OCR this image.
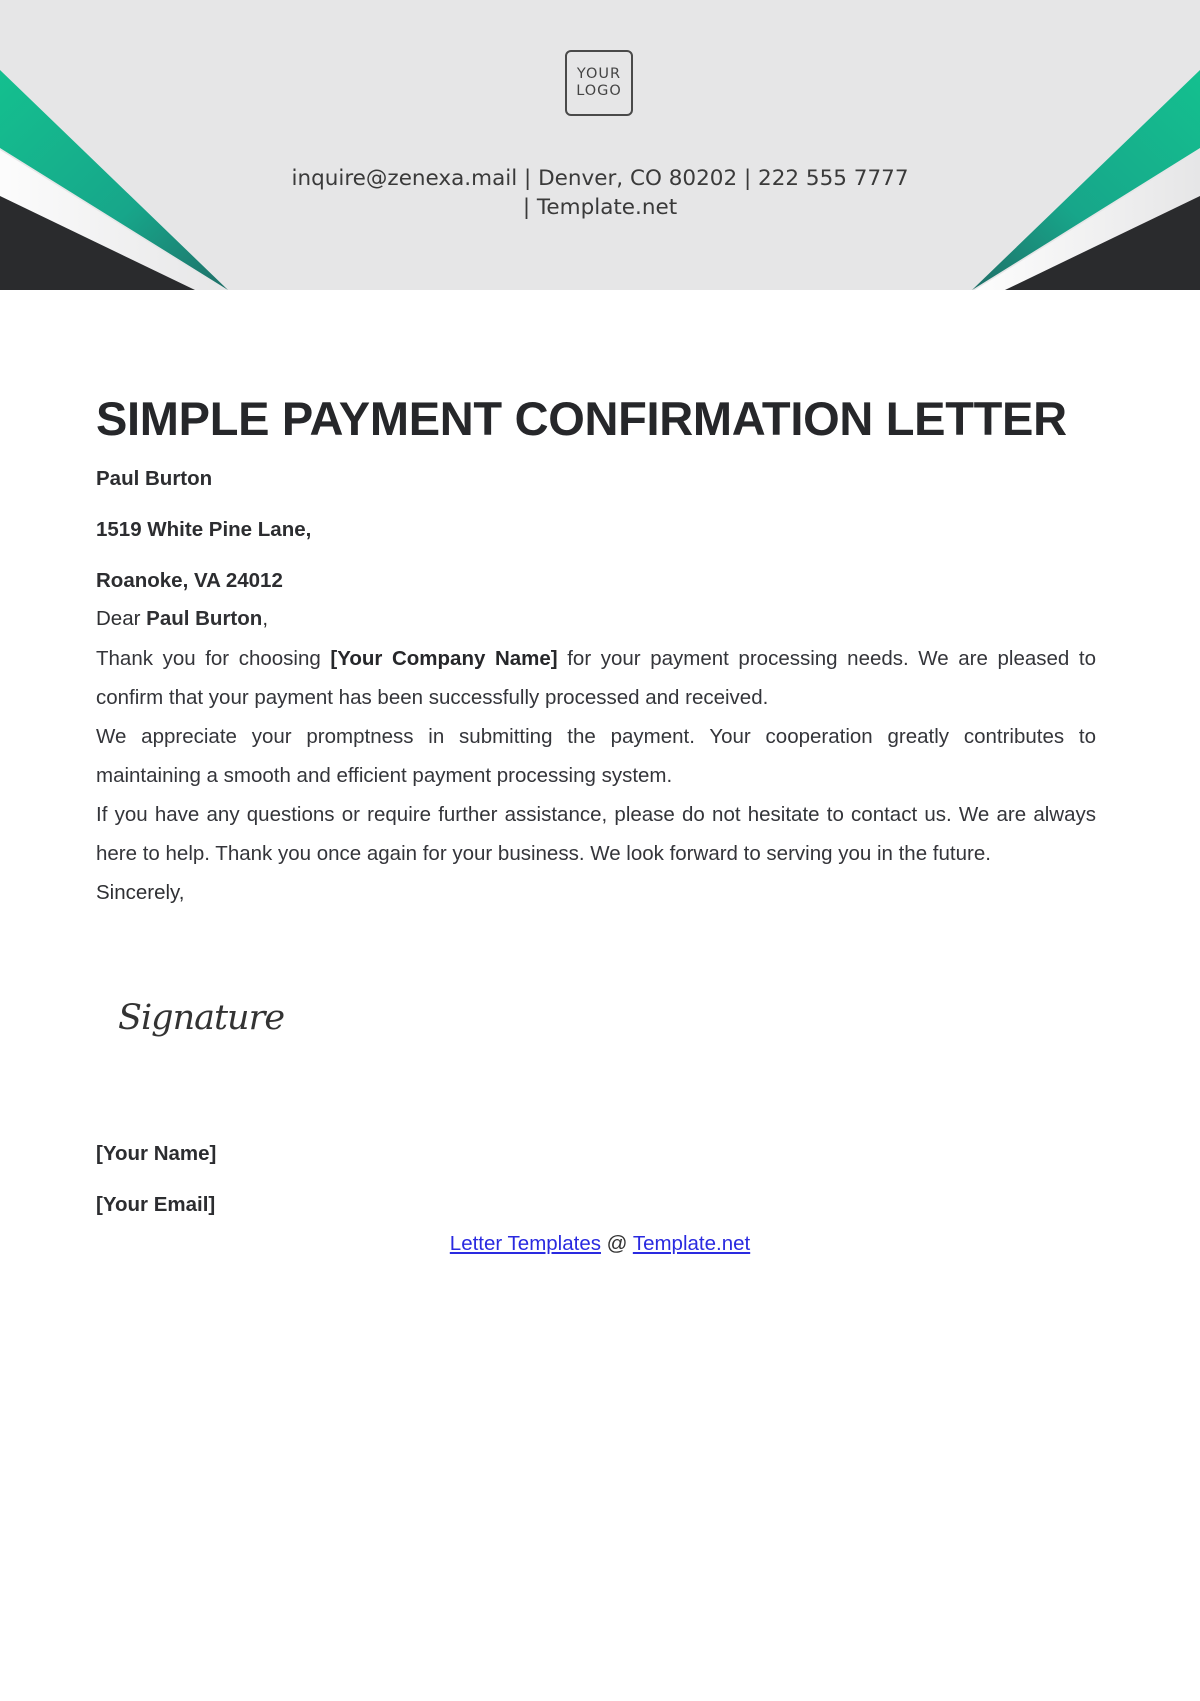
YOUR
LOGO
inquire@zenexa.mail | Denver, CO 80202 | 222 555 7777
| Template.net
SIMPLE PAYMENT CONFIRMATION LETTER
Paul Burton
1519 White Pine Lane,
Roanoke, VA 24012
Dear Paul Burton,

Thank you for choosing [Your Company Name] for your payment processing needs. We are pleased to confirm that your payment has been successfully processed and received.

We appreciate your promptness in submitting the payment. Your cooperation greatly contributes to maintaining a smooth and efficient payment processing system.

If you have any questions or require further assistance, please do not hesitate to contact us. We are always here to help. Thank you once again for your business. We look forward to serving you in the future.

Sincerely,
Signature
[Your Name]
[Your Email]
Letter Templates @ Template.net
